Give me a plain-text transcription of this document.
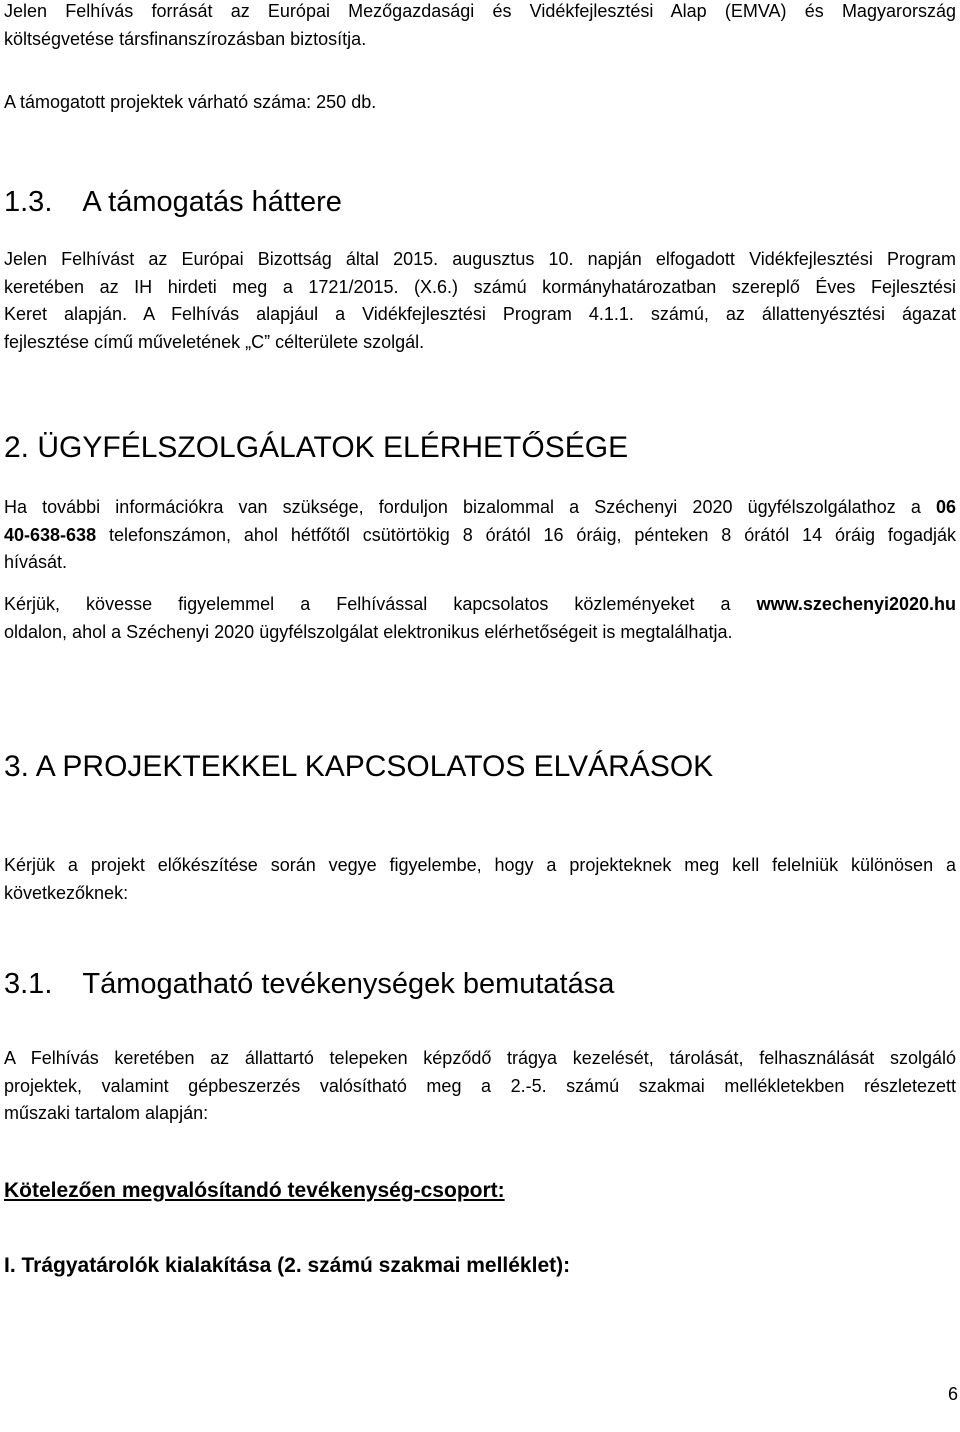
Jelen Felhívás forrását az Európai Mezőgazdasági és Vidékfejlesztési Alap (EMVA) és Magyarország
költségvetése társfinanszírozásban biztosítja.
A támogatott projektek várható száma: 250 db.
1.3. A támogatás háttere
Jelen Felhívást az Európai Bizottság által 2015. augusztus 10. napján elfogadott Vidékfejlesztési Program
keretében az IH hirdeti meg a 1721/2015. (X.6.) számú kormányhatározatban szereplő Éves Fejlesztési
Keret alapján. A Felhívás alapjául a Vidékfejlesztési Program 4.1.1. számú, az állattenyésztési ágazat
fejlesztése című műveletének „C” célterülete szolgál.
2. ÜGYFÉLSZOLGÁLATOK ELÉRHETŐSÉGE
Ha további információkra van szüksége, forduljon bizalommal a Széchenyi 2020 ügyfélszolgálathoz a 06
40-638-638 telefonszámon, ahol hétfőtől csütörtökig 8 órától 16 óráig, pénteken 8 órától 14 óráig fogadják
hívását.
Kérjük, kövesse figyelemmel a Felhívással kapcsolatos közleményeket a www.szechenyi2020.hu
oldalon, ahol a Széchenyi 2020 ügyfélszolgálat elektronikus elérhetőségeit is megtalálhatja.
3. A PROJEKTEKKEL KAPCSOLATOS ELVÁRÁSOK
Kérjük a projekt előkészítése során vegye figyelembe, hogy a projekteknek meg kell felelniük különösen a
következőknek:
3.1. Támogatható tevékenységek bemutatása
A Felhívás keretében az állattartó telepeken képződő trágya kezelését, tárolását, felhasználását szolgáló
projektek, valamint gépbeszerzés valósítható meg a 2.-5. számú szakmai mellékletekben részletezett
műszaki tartalom alapján:
Kötelezően megvalósítandó tevékenység-csoport:
I. Trágyatárolók kialakítása (2. számú szakmai melléklet):
6
